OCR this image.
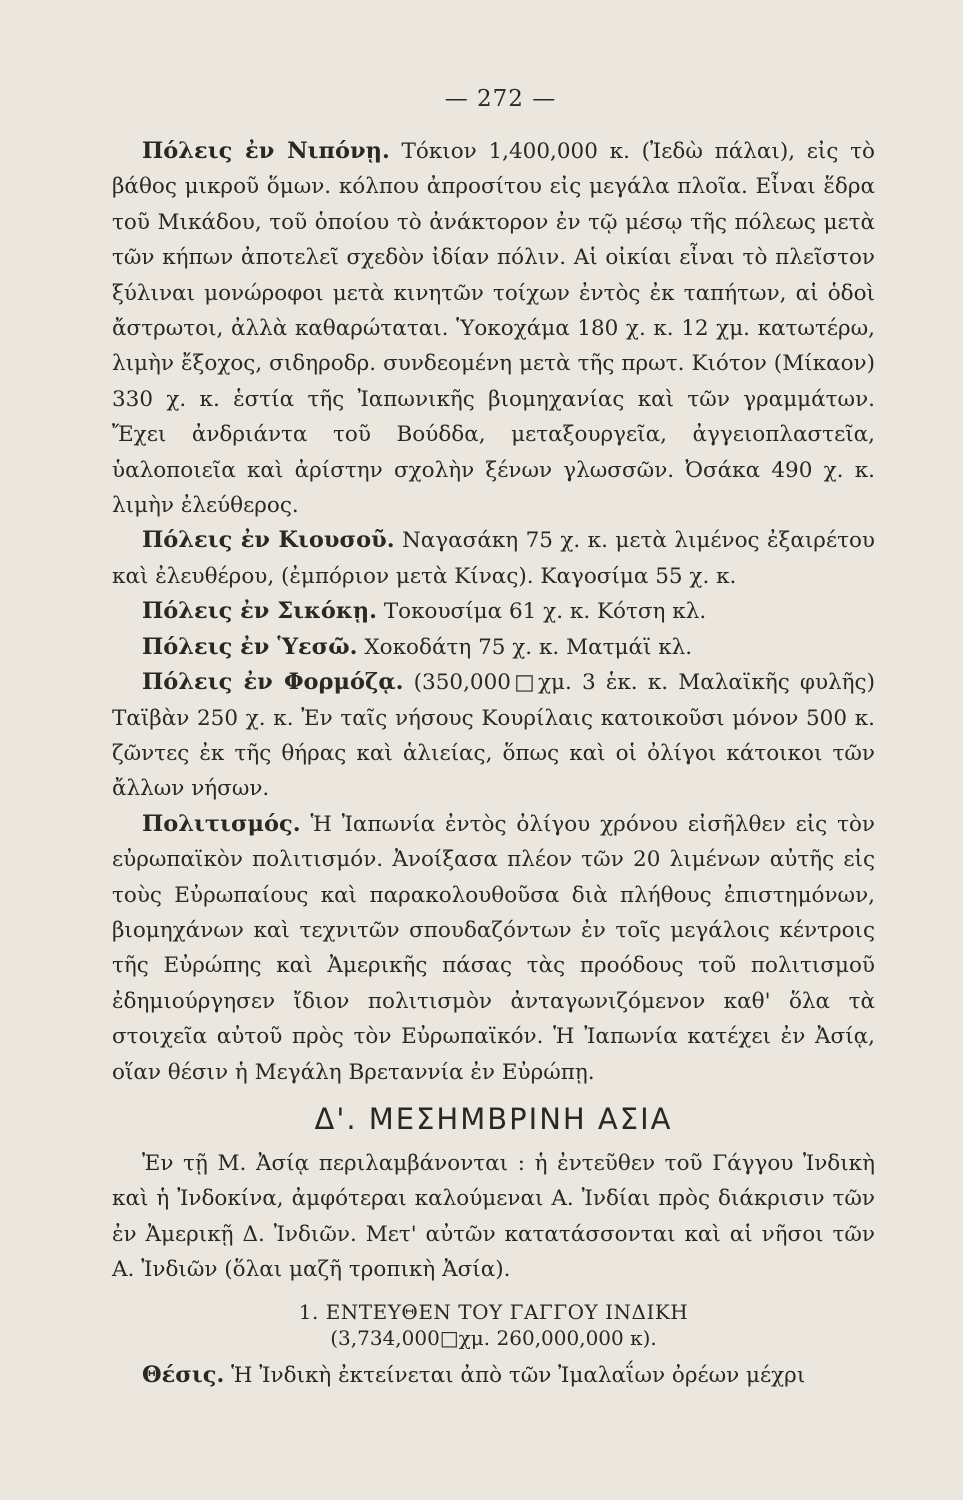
— 272 —

Πόλεις ἐν Νιπόνῃ. Τόκιον 1,400,000 κ. (Ἰεδὼ πάλαι), εἰς τὸ βάθος μικροῦ ὅμων. κόλπου ἀπροσίτου εἰς μεγάλα πλοῖα. Εἶναι ἕδρα τοῦ Μικάδου, τοῦ ὁποίου τὸ ἀνάκτορον ἐν τῷ μέσῳ τῆς πόλεως μετὰ τῶν κήπων ἀποτελεῖ σχεδὸν ἰδίαν πόλιν. Αἱ οἰκίαι εἶναι τὸ πλεῖστον ξύλιναι μονώροφοι μετὰ κινητῶν τοίχων ἐντὸς ἐκ ταπήτων, αἱ ὁδοὶ ἄστρωτοι, ἀλλὰ καθαρώταται. Ὑοκοχάμα 180 χ. κ. 12 χμ. κατωτέρω, λιμὴν ἔξοχος, σιδηροδρ. συνδεομένη μετὰ τῆς πρωτ. Κιότον (Μίκαον) 330 χ. κ. ἑστία τῆς Ἰαπωνικῆς βιομηχανίας καὶ τῶν γραμμάτων. Ἔχει ἀνδριάντα τοῦ Βούδδα, μεταξουργεῖα, ἀγγειοπλαστεῖα, ὑαλοποιεῖα καὶ ἀρίστην σχολὴν ξένων γλωσσῶν. Ὀσάκα 490 χ. κ. λιμὴν ἐλεύθερος.

Πόλεις ἐν Κιουσοῦ. Ναγασάκη 75 χ. κ. μετὰ λιμένος ἐξαιρέτου καὶ ἐλευθέρου, (ἐμπόριον μετὰ Κίνας). Καγοσίμα 55 χ. κ.

Πόλεις ἐν Σικόκῃ. Τοκουσίμα 61 χ. κ. Κότση κλ.

Πόλεις ἐν Ὑεσῶ. Χοκοδάτη 75 χ. κ. Ματμάϊ κλ.

Πόλεις ἐν Φορμόζᾳ. (350,000□χμ. 3 ἑκ. κ. Μαλαϊκῆς φυλῆς) Ταϊβὰν 250 χ. κ. Ἐν ταῖς νήσους Κουρίλαις κατοικοῦσι μόνον 500 κ. ζῶντες ἐκ τῆς θήρας καὶ ἁλιείας, ὅπως καὶ οἱ ὀλίγοι κάτοικοι τῶν ἄλλων νήσων.

Πολιτισμός. Ἡ Ἰαπωνία ἐντὸς ὀλίγου χρόνου εἰσῆλθεν εἰς τὸν εὐρωπαϊκὸν πολιτισμόν. Ἀνοίξασα πλέον τῶν 20 λιμένων αὐτῆς εἰς τοὺς Εὐρωπαίους καὶ παρακολουθοῦσα διὰ πλήθους ἐπιστημόνων, βιομηχάνων καὶ τεχνιτῶν σπουδαζόντων ἐν τοῖς μεγάλοις κέντροις τῆς Εὐρώπης καὶ Ἀμερικῆς πάσας τὰς προόδους τοῦ πολιτισμοῦ ἐδημιούργησεν ἴδιον πολιτισμὸν ἀνταγωνιζόμενον καθ' ὅλα τὰ στοιχεῖα αὐτοῦ πρὸς τὸν Εὐρωπαϊκόν. Ἡ Ἰαπωνία κατέχει ἐν Ἀσίᾳ, οἵαν θέσιν ἡ Μεγάλη Βρεταννία ἐν Εὐρώπῃ.

Δ'. ΜΕΣΗΜΒΡΙΝΗ ΑΣΙΑ

Ἐν τῇ Μ. Ἀσίᾳ περιλαμβάνονται : ἡ ἐντεῦθεν τοῦ Γάγγου Ἰνδικὴ καὶ ἡ Ἰνδοκίνα, ἀμφότεραι καλούμεναι Α. Ἰνδίαι πρὸς διάκρισιν τῶν ἐν Ἀμερικῇ Δ. Ἰνδιῶν. Μετ' αὐτῶν κατατάσσονται καὶ αἱ νῆσοι τῶν Α. Ἰνδιῶν (ὅλαι μαζῆ τροπικὴ Ἀσία).

1. ΕΝΤΕΥΘΕΝ ΤΟΥ ΓΑΓΓΟΥ ΙΝΔΙΚΗ
(3,734,000□χμ. 260,000,000 κ).

Θέσις. Ἡ Ἰνδικὴ ἐκτείνεται ἀπὸ τῶν Ἰμαλαΐων ὀρέων μέχρι
